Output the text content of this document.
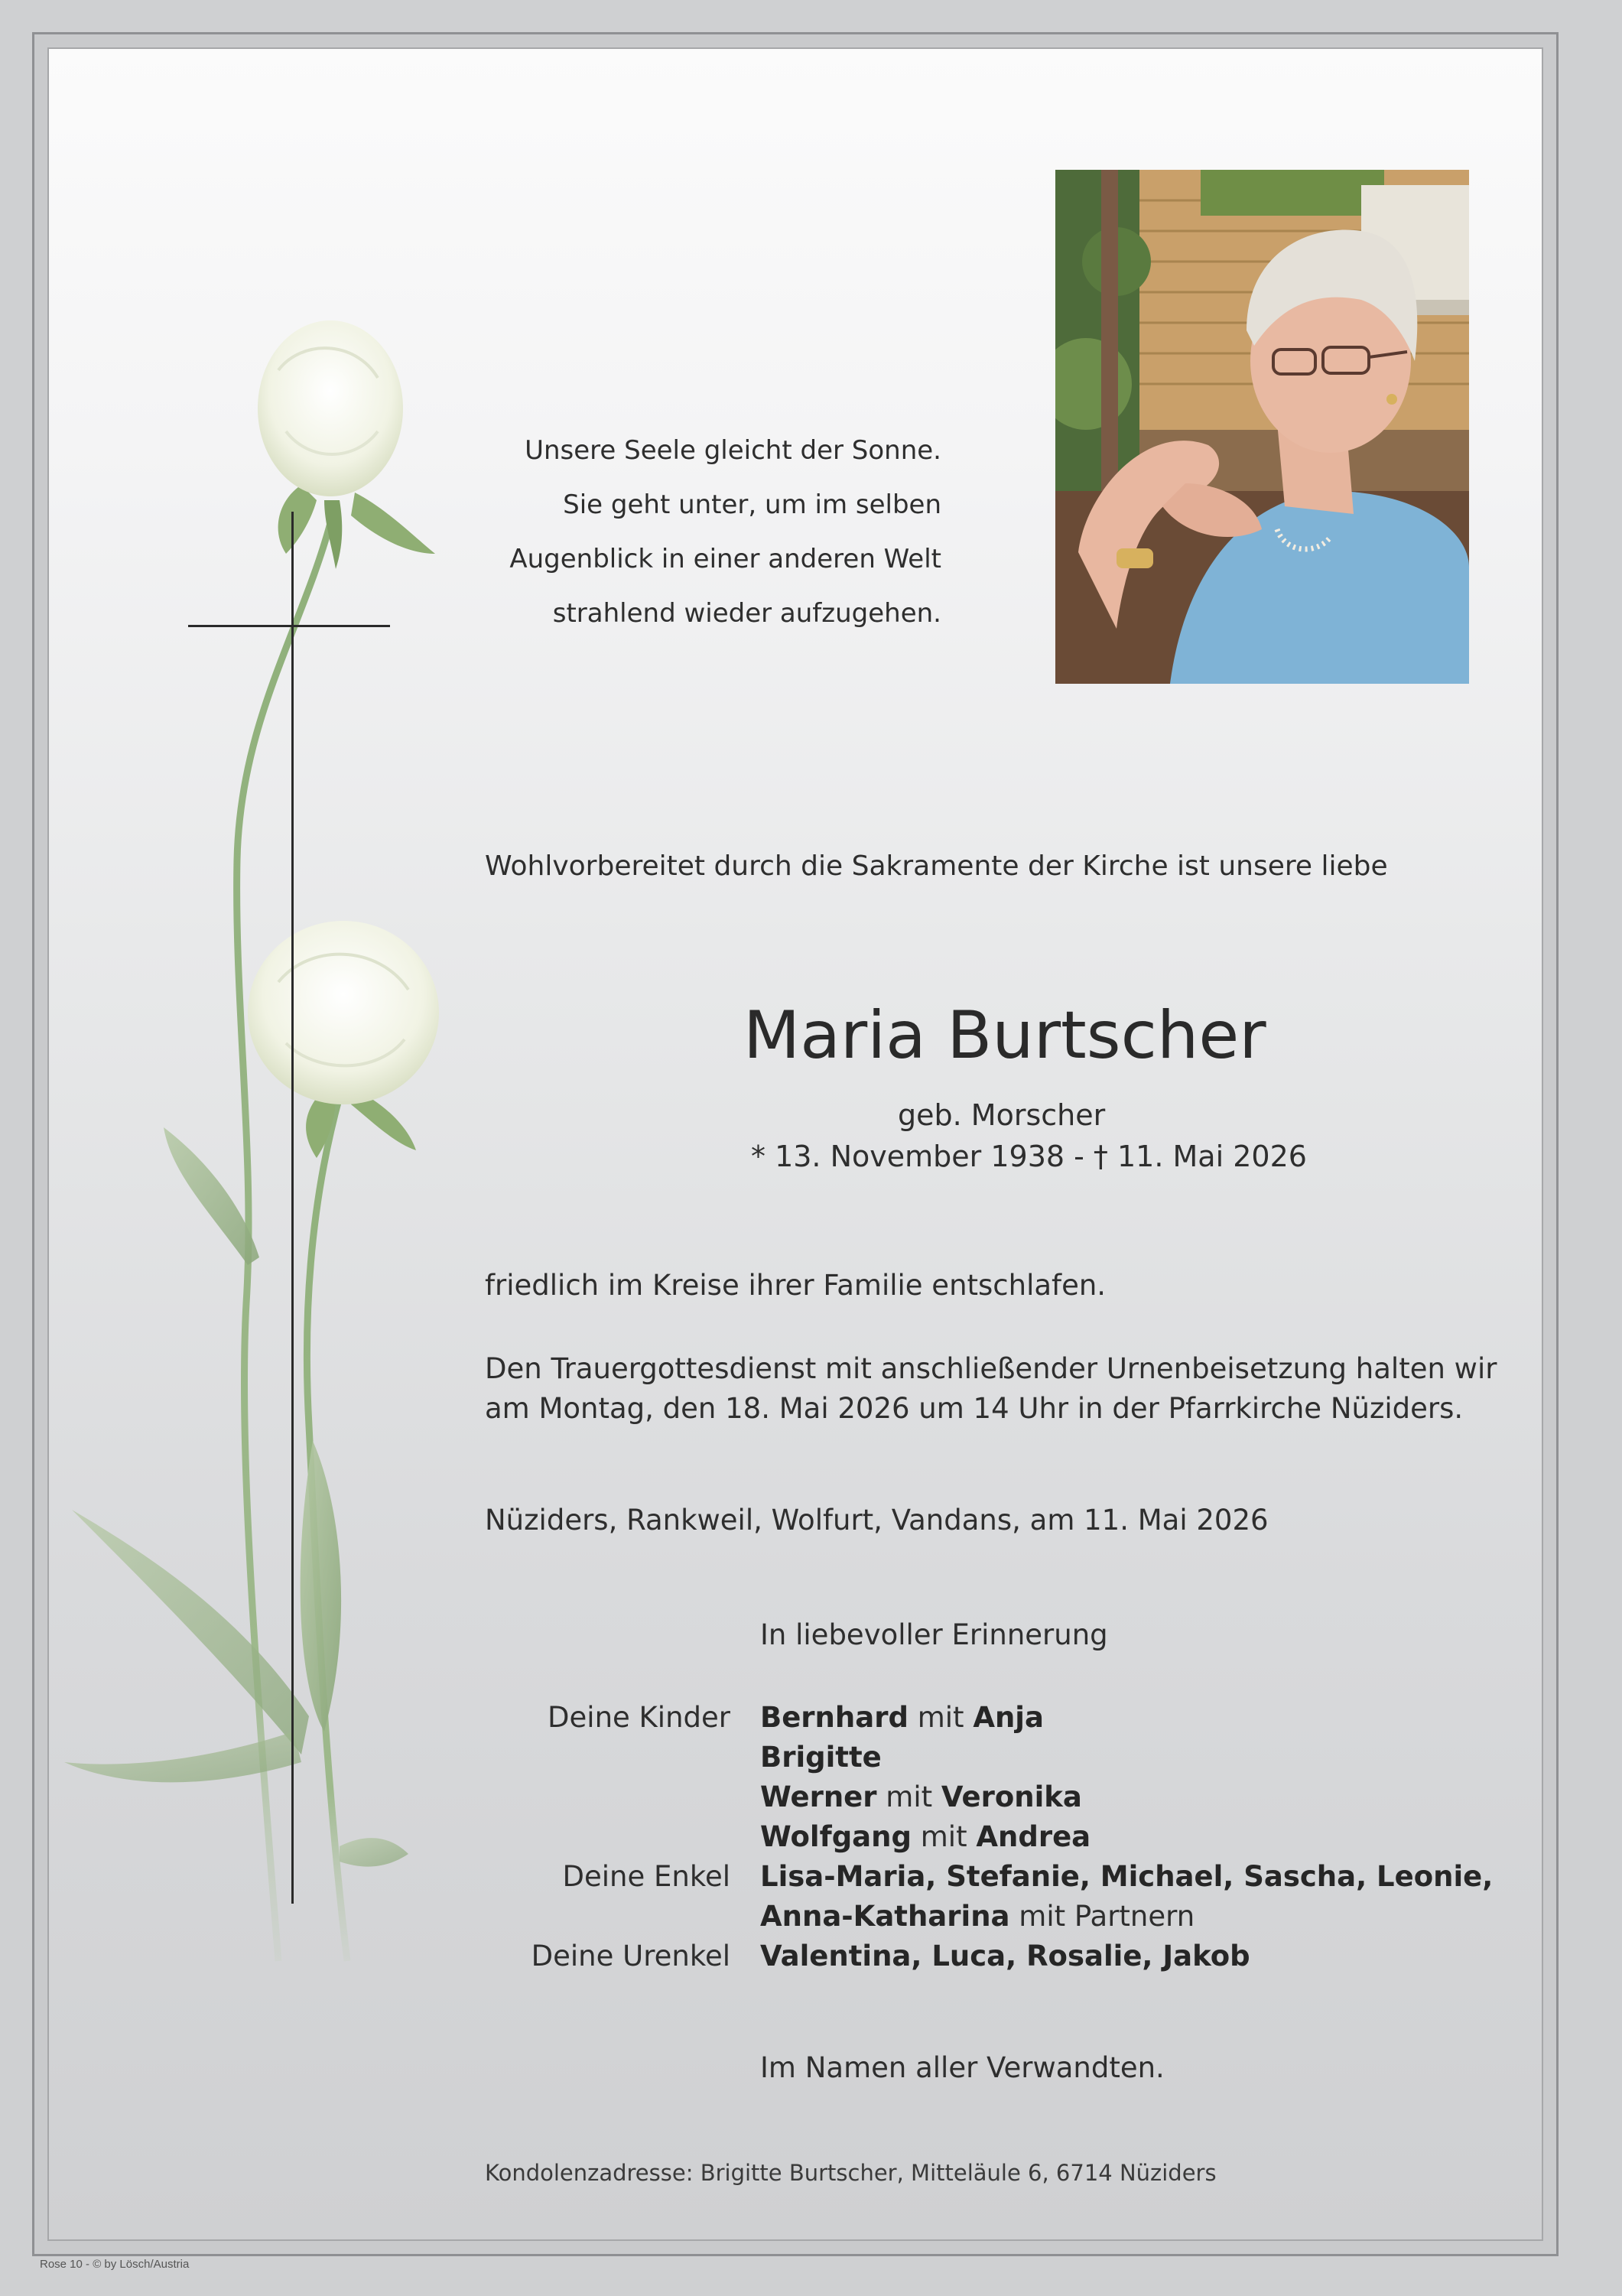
Unsere Seele gleicht der Sonne.
Sie geht unter, um im selben
Augenblick in einer anderen Welt
strahlend wieder aufzugehen.
Wohlvorbereitet durch die Sakramente der Kirche ist unsere liebe
Maria Burtscher
geb. Morscher
* 13. November 1938 - † 11. Mai 2026
friedlich im Kreise ihrer Familie entschlafen.
Den Trauergottesdienst mit anschließender Urnenbeisetzung halten wir
am Montag, den 18. Mai 2026 um 14 Uhr in der Pfarrkirche Nüziders.
Nüziders, Rankweil, Wolfurt, Vandans, am 11. Mai 2026
In liebevoller Erinnerung
Deine Kinder Bernhard mit Anja
Brigitte
Werner mit Veronika
Wolfgang mit Andrea
Deine Enkel Lisa-Maria, Stefanie, Michael, Sascha, Leonie,
Anna-Katharina mit Partnern
Deine Urenkel Valentina, Luca, Rosalie, Jakob
Im Namen aller Verwandten.
Kondolenzadresse: Brigitte Burtscher, Mitteläule 6, 6714 Nüziders
Rose 10 - © by Lösch/Austria
